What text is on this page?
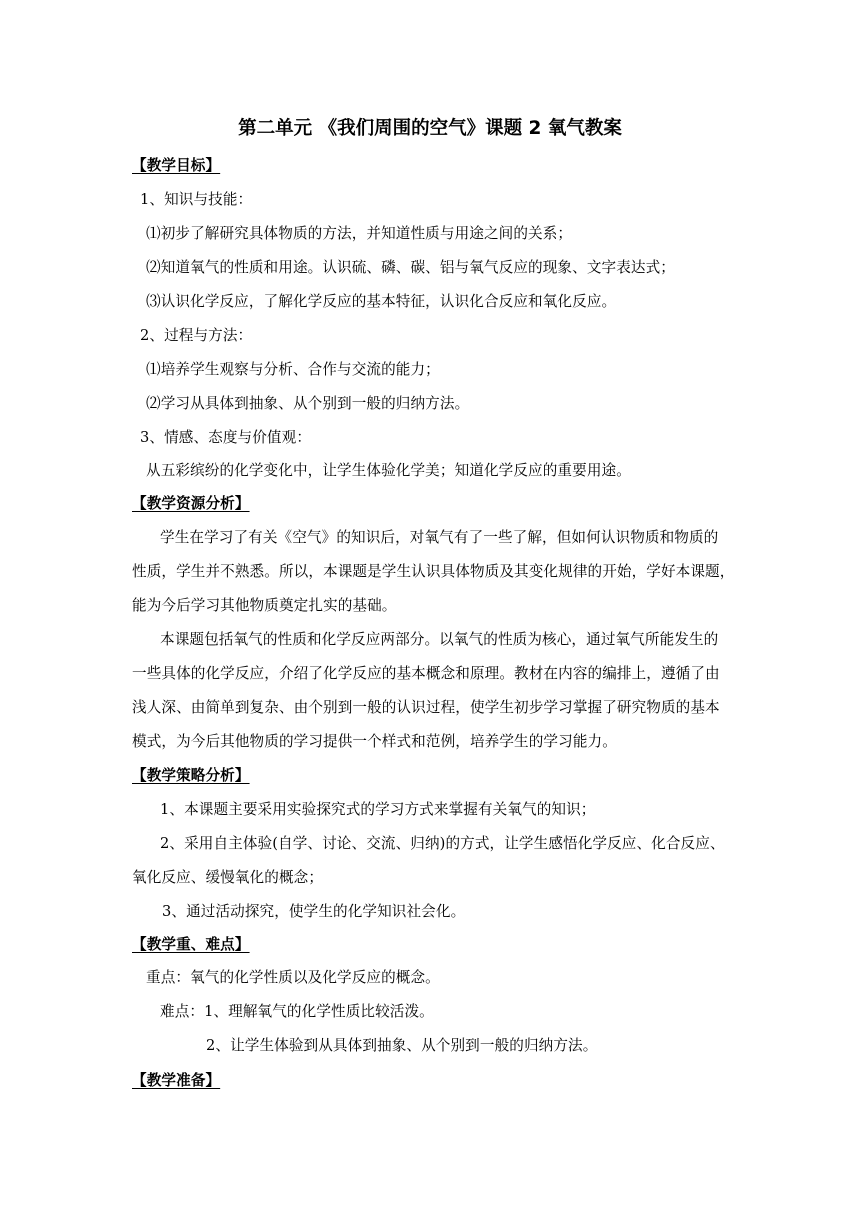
第二单元 《我们周围的空气》课题 2 氧气教案
【教学目标】
1、知识与技能：
⑴初步了解研究具体物质的方法，并知道性质与用途之间的关系；
⑵知道氧气的性质和用途。认识硫、磷、碳、铝与氧气反应的现象、文字表达式；
⑶认识化学反应，了解化学反应的基本特征，认识化合反应和氧化反应。
2、过程与方法：
⑴培养学生观察与分析、合作与交流的能力；
⑵学习从具体到抽象、从个别到一般的归纳方法。
3、情感、态度与价值观：
从五彩缤纷的化学变化中，让学生体验化学美；知道化学反应的重要用途。
【教学资源分析】
学生在学习了有关《空气》的知识后，对氧气有了一些了解，但如何认识物质和物质的
性质，学生并不熟悉。所以，本课题是学生认识具体物质及其变化规律的开始，学好本课题，
能为今后学习其他物质奠定扎实的基础。
本课题包括氧气的性质和化学反应两部分。以氧气的性质为核心，通过氧气所能发生的
一些具体的化学反应，介绍了化学反应的基本概念和原理。教材在内容的编排上，遵循了由
浅人深、由简单到复杂、由个别到一般的认识过程，使学生初步学习掌握了研究物质的基本
模式，为今后其他物质的学习提供一个样式和范例，培养学生的学习能力。
【教学策略分析】
1、本课题主要采用实验探究式的学习方式来掌握有关氧气的知识；
2、采用自主体验(自学、讨论、交流、归纳)的方式，让学生感悟化学反应、化合反应、
氧化反应、缓慢氧化的概念；
3、通过活动探究，使学生的化学知识社会化。
【教学重、难点】
重点：氧气的化学性质以及化学反应的概念。
难点：1、理解氧气的化学性质比较活泼。
2、让学生体验到从具体到抽象、从个别到一般的归纳方法。
【教学准备】
